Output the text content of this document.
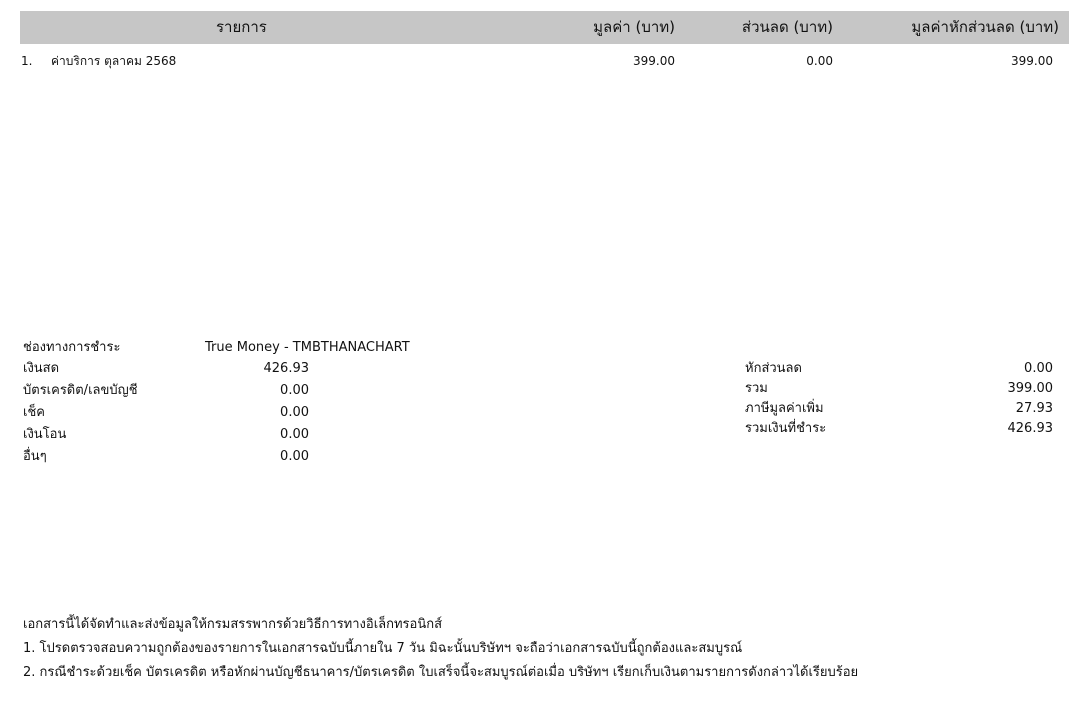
รายการ	มูลค่า (บาท)	ส่วนลด (บาท)	มูลค่าหักส่วนลด (บาท)
1. ค่าบริการ ตุลาคม 2568	399.00	0.00	399.00
ช่องทางการชำระ	True Money - TMBTHANACHART
เงินสด	426.93
บัตรเครดิต/เลขบัญชี	0.00
เช็ค	0.00
เงินโอน	0.00
อื่นๆ	0.00
หักส่วนลด	0.00
รวม	399.00
ภาษีมูลค่าเพิ่ม	27.93
รวมเงินที่ชำระ	426.93
เอกสารนี้ได้จัดทำและส่งข้อมูลให้กรมสรรพากรด้วยวิธีการทางอิเล็กทรอนิกส์
1. โปรดตรวจสอบความถูกต้องของรายการในเอกสารฉบับนี้ภายใน 7 วัน มิฉะนั้นบริษัทฯ จะถือว่าเอกสารฉบับนี้ถูกต้องและสมบูรณ์
2. กรณีชำระด้วยเช็ค บัตรเครดิต หรือหักผ่านบัญชีธนาคาร/บัตรเครดิต ใบเสร็จนี้จะสมบูรณ์ต่อเมื่อ บริษัทฯ เรียกเก็บเงินตามรายการดังกล่าวได้เรียบร้อย
